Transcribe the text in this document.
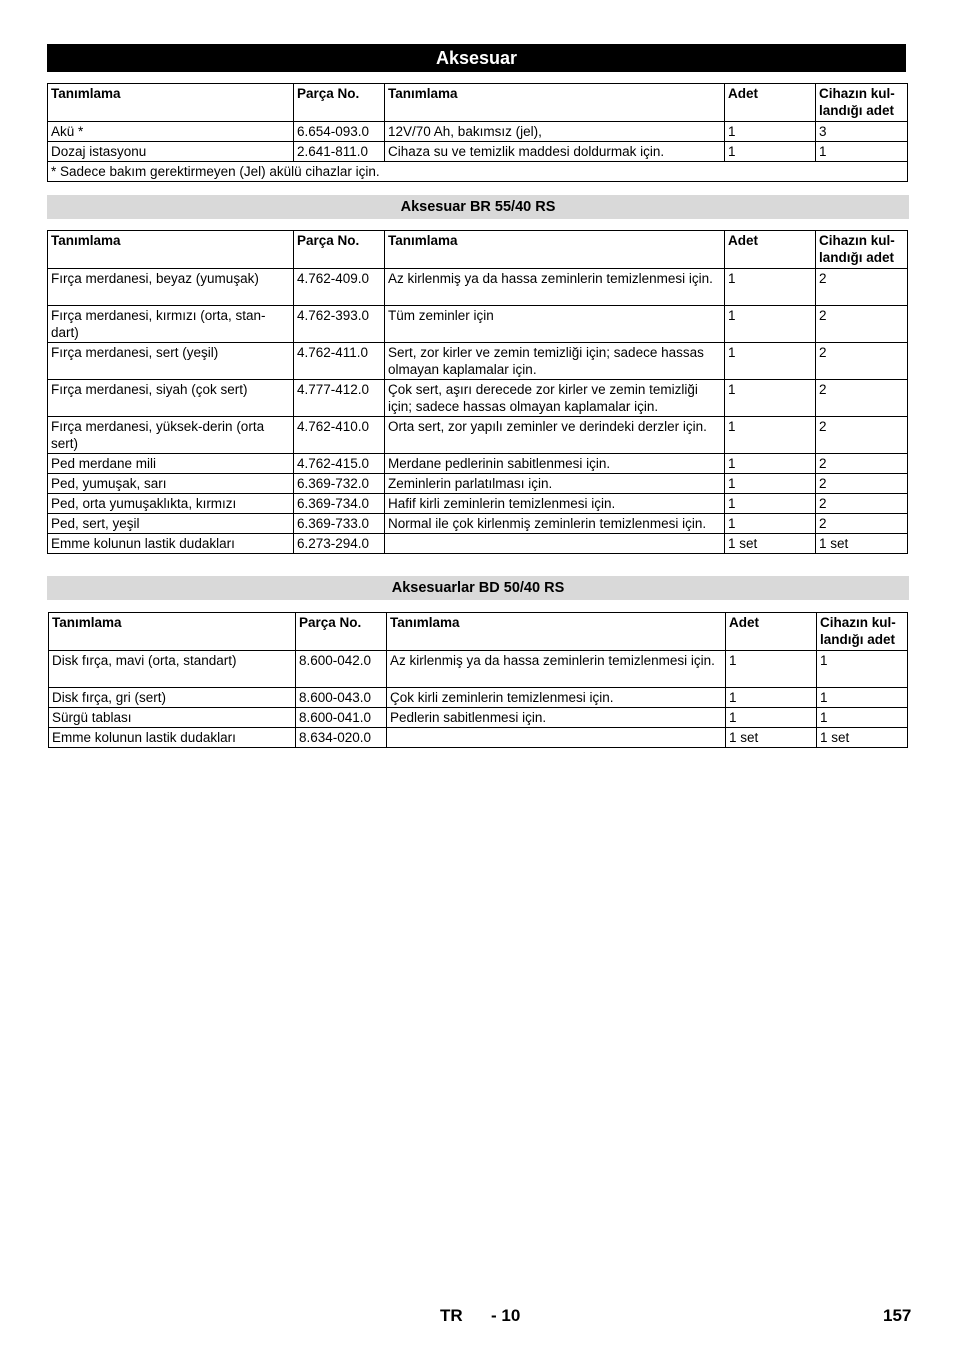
Aksesuar
Tanımlama	Parça No.	Tanımlama	Adet	Cihazın kul-
landığı adet
Akü *	6.654-093.0	12V/70 Ah, bakımsız (jel),	1	3
Dozaj istasyonu	2.641-811.0	Cihaza su ve temizlik maddesi doldurmak için.	1	1
* Sadece bakım gerektirmeyen (Jel) akülü cihazlar için.				
Aksesuar BR 55/40 RS
Tanımlama	Parça No.	Tanımlama	Adet	Cihazın kul-
landığı adet
Fırça merdanesi, beyaz (yumuşak)	4.762-409.0	Az kirlenmiş ya da hassa zeminlerin temizlenmesi için.	1	2
Fırça merdanesi, kırmızı (orta, stan-
dart)	4.762-393.0	Tüm zeminler için	1	2
Fırça merdanesi, sert (yeşil)	4.762-411.0	Sert, zor kirler ve zemin temizliği için; sadece hassas olmayan kaplamalar için.	1	2
Fırça merdanesi, siyah (çok sert)	4.777-412.0	Çok sert, aşırı derecede zor kirler ve zemin temizliği için; sadece hassas olmayan kaplamalar için.	1	2
Fırça merdanesi, yüksek-derin (orta sert)	4.762-410.0	Orta sert, zor yapılı zeminler ve derindeki derzler için.	1	2
Ped merdane mili	4.762-415.0	Merdane pedlerinin sabitlenmesi için.	1	2
Ped, yumuşak, sarı	6.369-732.0	Zeminlerin parlatılması için.	1	2
Ped, orta yumuşaklıkta, kırmızı	6.369-734.0	Hafif kirli zeminlerin temizlenmesi için.	1	2
Ped, sert, yeşil	6.369-733.0	Normal ile çok kirlenmiş zeminlerin temizlenmesi için.	1	2
Emme kolunun lastik dudakları	6.273-294.0		1 set	1 set
Aksesuarlar BD 50/40 RS
Tanımlama	Parça No.	Tanımlama	Adet	Cihazın kul-
landığı adet
Disk fırça, mavi (orta, standart)	8.600-042.0	Az kirlenmiş ya da hassa zeminlerin temizlenmesi için.	1	1
Disk fırça, gri (sert)	8.600-043.0	Çok kirli zeminlerin temizlenmesi için.	1	1
Sürgü tablası	8.600-041.0	Pedlerin sabitlenmesi için.	1	1
Emme kolunun lastik dudakları	8.634-020.0		1 set	1 set
TR - 10	157
